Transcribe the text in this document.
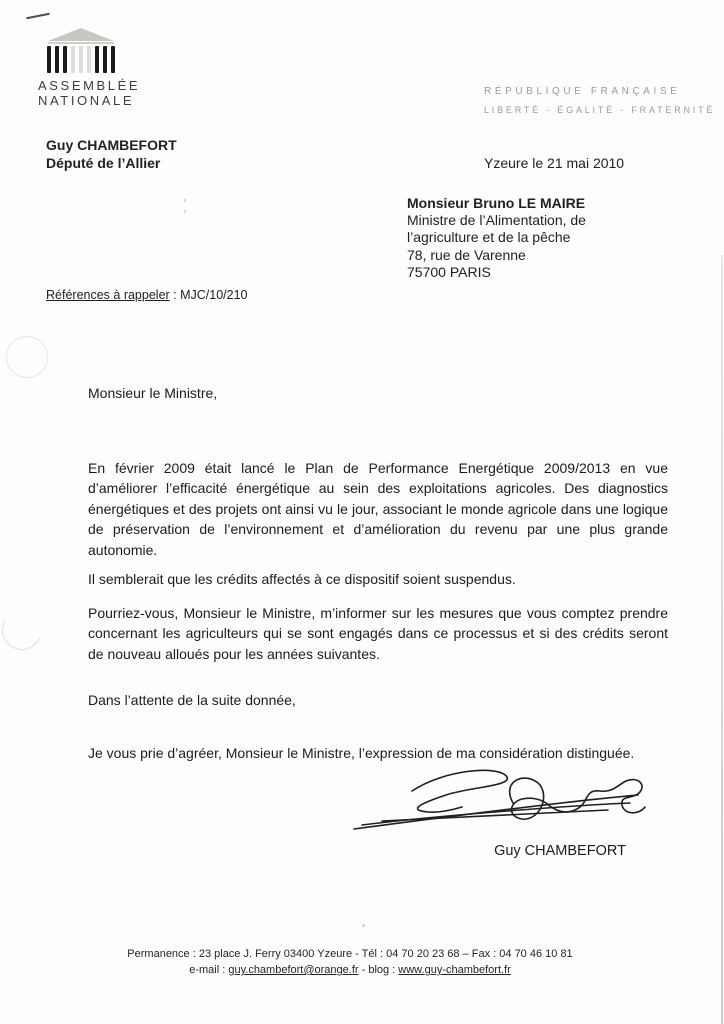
ASSEMBLÉE
NATIONALE
RÉPUBLIQUE FRANÇAISE
LIBERTÉ - ÉGALITÉ - FRATERNITÉ
Guy CHAMBEFORT
Député de l’Allier	Yzeure le 21 mai 2010
Monsieur Bruno LE MAIRE
Ministre de l’Alimentation, de
l’agriculture et de la pêche
78, rue de Varenne
75700 PARIS
Références à rappeler : MJC/10/210

Monsieur le Ministre,

En février 2009 était lancé le Plan de Performance Energétique 2009/2013 en vue d’améliorer l’efficacité énergétique au sein des exploitations agricoles. Des diagnostics énergétiques et des projets ont ainsi vu le jour, associant le monde agricole dans une logique de préservation de l’environnement et d’amélioration du revenu par une plus grande autonomie.

Il semblerait que les crédits affectés à ce dispositif soient suspendus.

Pourriez-vous, Monsieur le Ministre, m’informer sur les mesures que vous comptez prendre concernant les agriculteurs qui se sont engagés dans ce processus et si des crédits seront de nouveau alloués pour les années suivantes.

Dans l’attente de la suite donnée,

Je vous prie d’agréer, Monsieur le Ministre, l’expression de ma considération distinguée.

Guy CHAMBEFORT
Permanence : 23 place J. Ferry 03400 Yzeure - Tél : 04 70 20 23 68 – Fax : 04 70 46 10 81
e-mail : guy.chambefort@orange.fr - blog : www.guy-chambefort.fr
